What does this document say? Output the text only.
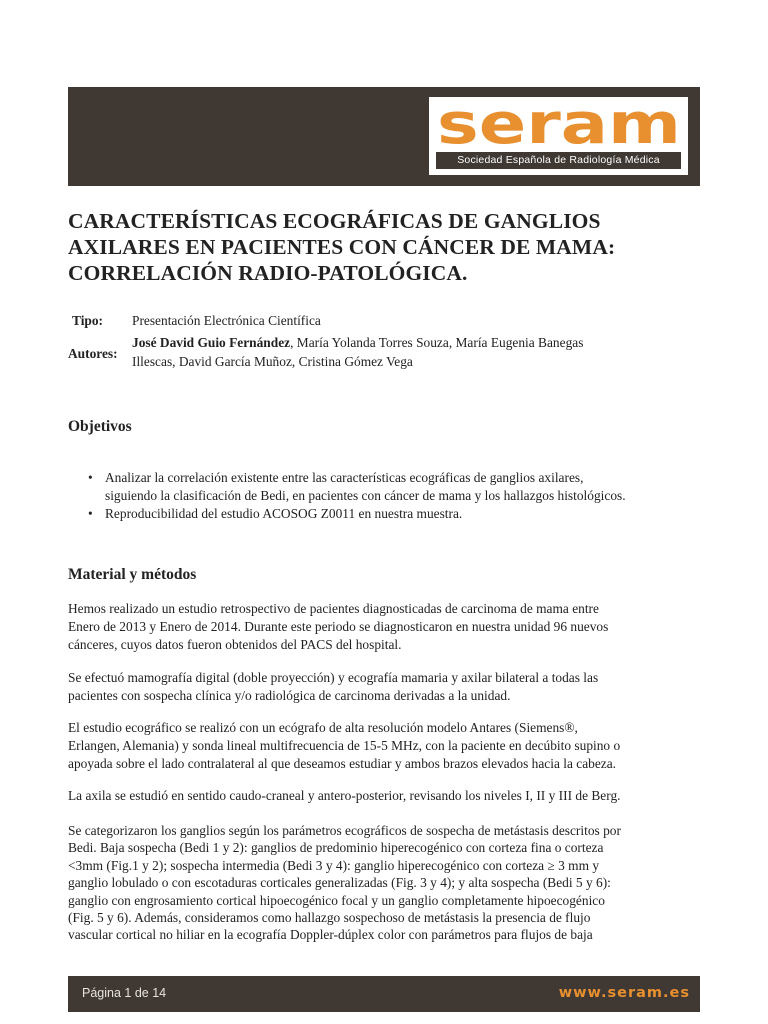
seram
Sociedad Española de Radiología Médica
CARACTERÍSTICAS ECOGRÁFICAS DE GANGLIOS
AXILARES EN PACIENTES CON CÁNCER DE MAMA:
CORRELACIÓN RADIO-PATOLÓGICA.
Tipo:	Presentación Electrónica Científica
Autores:
José David Guio Fernández, María Yolanda Torres Souza, María Eugenia Banegas
Illescas, David García Muñoz, Cristina Gómez Vega
Objetivos
• Analizar la correlación existente entre las características ecográficas de ganglios axilares,
siguiendo la clasificación de Bedi, en pacientes con cáncer de mama y los hallazgos histológicos.
• Reproducibilidad del estudio ACOSOG Z0011 en nuestra muestra.
Material y métodos

Hemos realizado un estudio retrospectivo de pacientes diagnosticadas de carcinoma de mama entre
Enero de 2013 y Enero de 2014. Durante este periodo se diagnosticaron en nuestra unidad 96 nuevos
cánceres, cuyos datos fueron obtenidos del PACS del hospital.

Se efectuó mamografía digital (doble proyección) y ecografía mamaria y axilar bilateral a todas las
pacientes con sospecha clínica y/o radiológica de carcinoma derivadas a la unidad.

El estudio ecográfico se realizó con un ecógrafo de alta resolución modelo Antares (Siemens®,
Erlangen, Alemania) y sonda lineal multifrecuencia de 15-5 MHz, con la paciente en decúbito supino o
apoyada sobre el lado contralateral al que deseamos estudiar y ambos brazos elevados hacia la cabeza.

La axila se estudió en sentido caudo-craneal y antero-posterior, revisando los niveles I, II y III de Berg.

Se categorizaron los ganglios según los parámetros ecográficos de sospecha de metástasis descritos por
Bedi. Baja sospecha (Bedi 1 y 2): ganglios de predominio hiperecogénico con corteza fina o corteza
<3mm (Fig.1 y 2); sospecha intermedia (Bedi 3 y 4): ganglio hiperecogénico con corteza ≥ 3 mm y
ganglio lobulado o con escotaduras corticales generalizadas (Fig. 3 y 4); y alta sospecha (Bedi 5 y 6):
ganglio con engrosamiento cortical hipoecogénico focal y un ganglio completamente hipoecogénico
(Fig. 5 y 6). Además, consideramos como hallazgo sospechoso de metástasis la presencia de flujo
vascular cortical no hiliar en la ecografía Doppler-dúplex color con parámetros para flujos de baja

Página 1 de 14	www.seram.es
